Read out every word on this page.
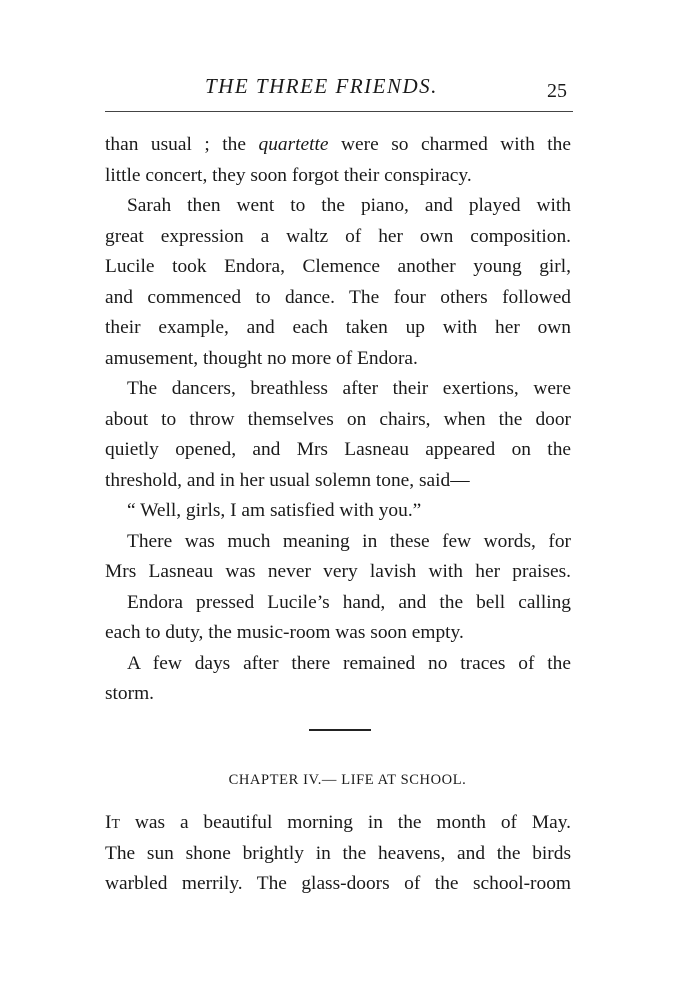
THE THREE FRIENDS.	25
than usual ; the quartette were so charmed with the
little concert, they soon forgot their conspiracy.
Sarah then went to the piano, and played with
great expression a waltz of her own composition.
Lucile took Endora, Clemence another young girl,
and commenced to dance. The four others followed
their example, and each taken up with her own
amusement, thought no more of Endora.
The dancers, breathless after their exertions, were
about to throw themselves on chairs, when the door
quietly opened, and Mrs Lasneau appeared on the
threshold, and in her usual solemn tone, said—
“ Well, girls, I am satisfied with you.”
There was much meaning in these few words, for
Mrs Lasneau was never very lavish with her praises.
Endora pressed Lucile’s hand, and the bell calling
each to duty, the music-room was soon empty.
A few days after there remained no traces of the
storm.
CHAPTER IV.— LIFE AT SCHOOL.
It was a beautiful morning in the month of May.
The sun shone brightly in the heavens, and the birds
warbled merrily. The glass-doors of the school-room
